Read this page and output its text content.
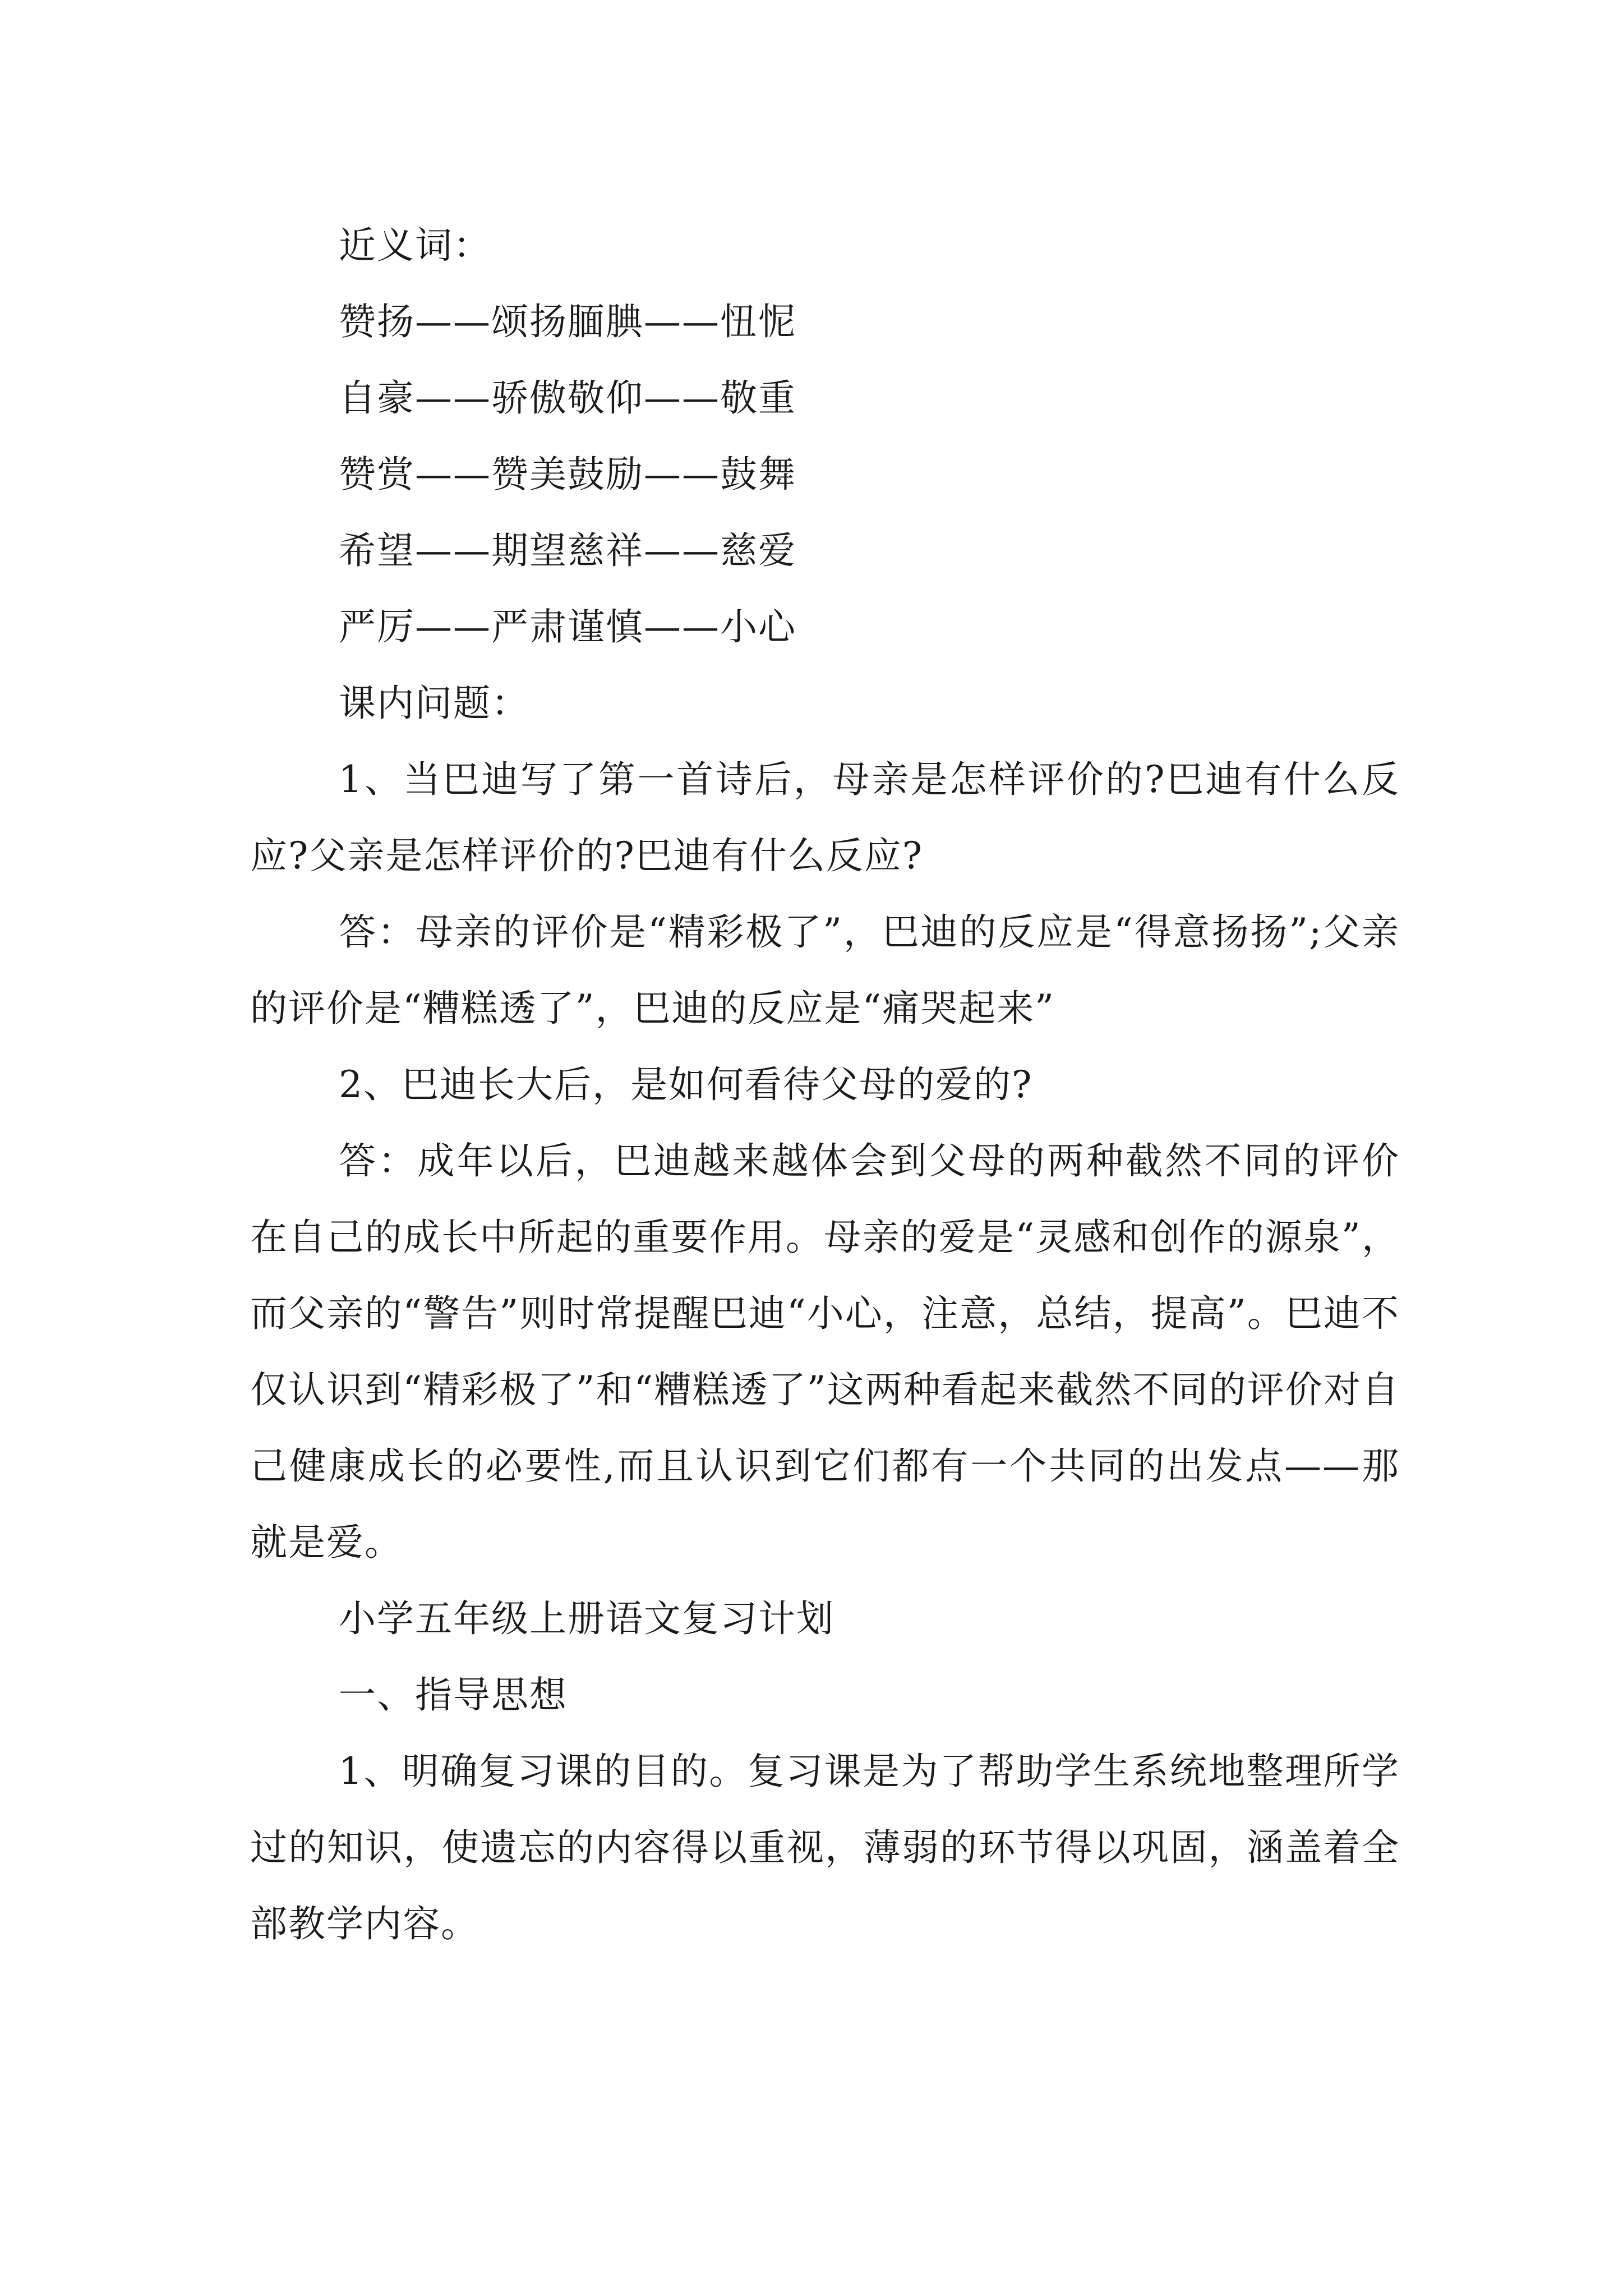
近义词：
赞扬——颂扬腼腆——忸怩
自豪——骄傲敬仰——敬重
赞赏——赞美鼓励——鼓舞
希望——期望慈祥——慈爱
严厉——严肃谨慎——小心
课内问题：

1、当巴迪写了第一首诗后，母亲是怎样评价的?巴迪有什么反应?父亲是怎样评价的?巴迪有什么反应?

答：母亲的评价是“精彩极了”，巴迪的反应是“得意扬扬”;父亲的评价是“糟糕透了”，巴迪的反应是“痛哭起来”

2、巴迪长大后，是如何看待父母的爱的?

答：成年以后，巴迪越来越体会到父母的两种截然不同的评价在自己的成长中所起的重要作用。母亲的爱是“灵感和创作的源泉”，而父亲的“警告”则时常提醒巴迪“小心，注意，总结，提高”。巴迪不仅认识到“精彩极了”和“糟糕透了”这两种看起来截然不同的评价对自己健康成长的必要性,而且认识到它们都有一个共同的出发点——那就是爱。

小学五年级上册语文复习计划
一、指导思想

1、明确复习课的目的。复习课是为了帮助学生系统地整理所学过的知识，使遗忘的内容得以重视，薄弱的环节得以巩固，涵盖着全部教学内容。
